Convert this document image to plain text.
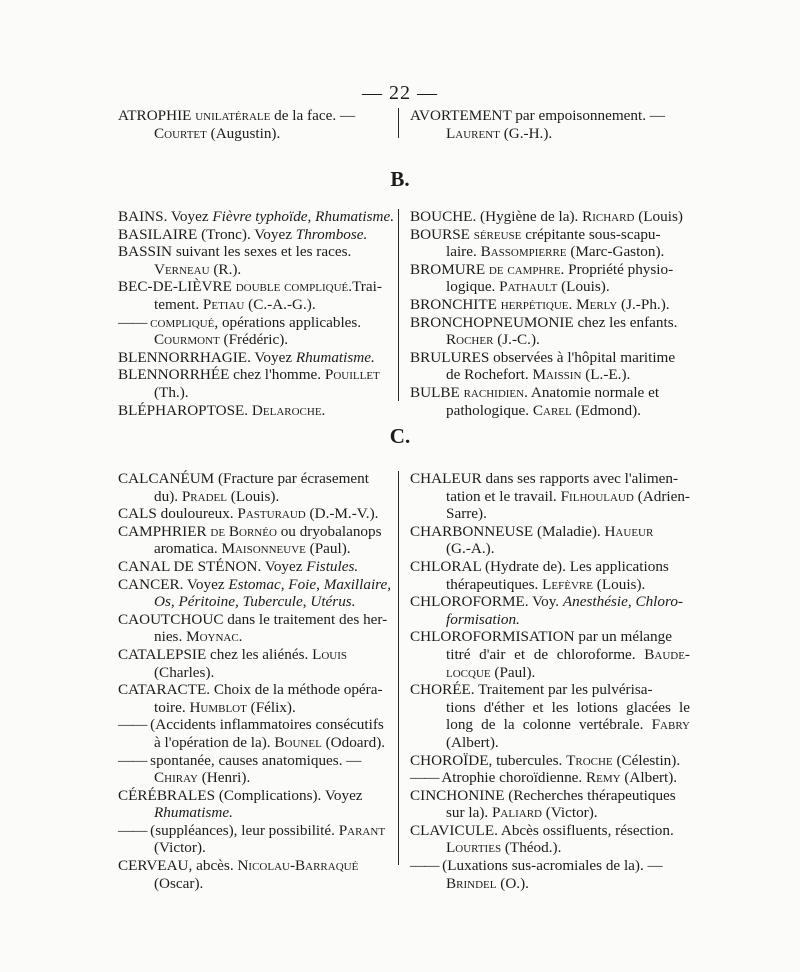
— 22 —
ATROPHIE unilatérale de la face. —
Courtet (Augustin).
AVORTEMENT par empoisonnement. —
Laurent (G.-H.).
B.
BAINS. Voyez Fièvre typhoïde, Rhumatisme.
BASILAIRE (Tronc). Voyez Thrombose.
BASSIN suivant les sexes et les races.
Verneau (R.).
BEC-DE-LIÈVRE double compliqué.Trai-
tement. Petiau (C.-A.-G.).
—— compliqué, opérations applicables.
Courmont (Frédéric).
BLENNORRHAGIE. Voyez Rhumatisme.
BLENNORRHÉE chez l'homme. Pouillet
(Th.).
BLÉPHAROPTOSE. Delaroche.
BOUCHE. (Hygiène de la). Richard (Louis)
BOURSE séreuse crépitante sous-scapu-
laire. Bassompierre (Marc-Gaston).
BROMURE de camphre. Propriété physio-
logique. Pathault (Louis).
BRONCHITE herpétique. Merly (J.-Ph.).
BRONCHOPNEUMONIE chez les enfants.
Rocher (J.-C.).
BRULURES observées à l'hôpital maritime
de Rochefort. Maissin (L.-E.).
BULBE rachidien. Anatomie normale et
pathologique. Carel (Edmond).
C.
CALCANÉUM (Fracture par écrasement
du). Pradel (Louis).
CALS douloureux. Pasturaud (D.-M.-V.).
CAMPHRIER de Bornéo ou dryobalanops
aromatica. Maisonneuve (Paul).
CANAL DE STÉNON. Voyez Fistules.
CANCER. Voyez Estomac, Foie, Maxillaire,
Os, Péritoine, Tubercule, Utérus.
CAOUTCHOUC dans le traitement des her-
nies. Moynac.
CATALEPSIE chez les aliénés. Louis
(Charles).
CATARACTE. Choix de la méthode opéra-
toire. Humblot (Félix).
—— (Accidents inflammatoires consécutifs
à l'opération de la). Bounel (Odoard).
—— spontanée, causes anatomiques. —
Chiray (Henri).
CÉRÉBRALES (Complications). Voyez
Rhumatisme.
—— (suppléances), leur possibilité. Parant
(Victor).
CERVEAU, abcès. Nicolau-Barraqué
(Oscar).
CHALEUR dans ses rapports avec l'alimen-
tation et le travail. Filhoulaud (Adrien-Sarre).
CHARBONNEUSE (Maladie). Haueur
(G.-A.).
CHLORAL (Hydrate de). Les applications
thérapeutiques. Lefèvre (Louis).
CHLOROFORME. Voy. Anesthésie, Chloro-
formisation.
CHLOROFORMISATION par un mélange
titré d'air et de chloroforme. Baude- locque (Paul).
CHORÉE. Traitement par les pulvérisa-
tions d'éther et les lotions glacées le long de la colonne vertébrale. Fabry (Albert).
CHOROÏDE, tubercules. Troche (Célestin).
—— Atrophie choroïdienne. Remy (Albert).
CINCHONINE (Recherches thérapeutiques
sur la). Paliard (Victor).
CLAVICULE. Abcès ossifluents, résection.
Lourties (Théod.).
—— (Luxations sus-acromiales de la). —
Brindel (O.).
